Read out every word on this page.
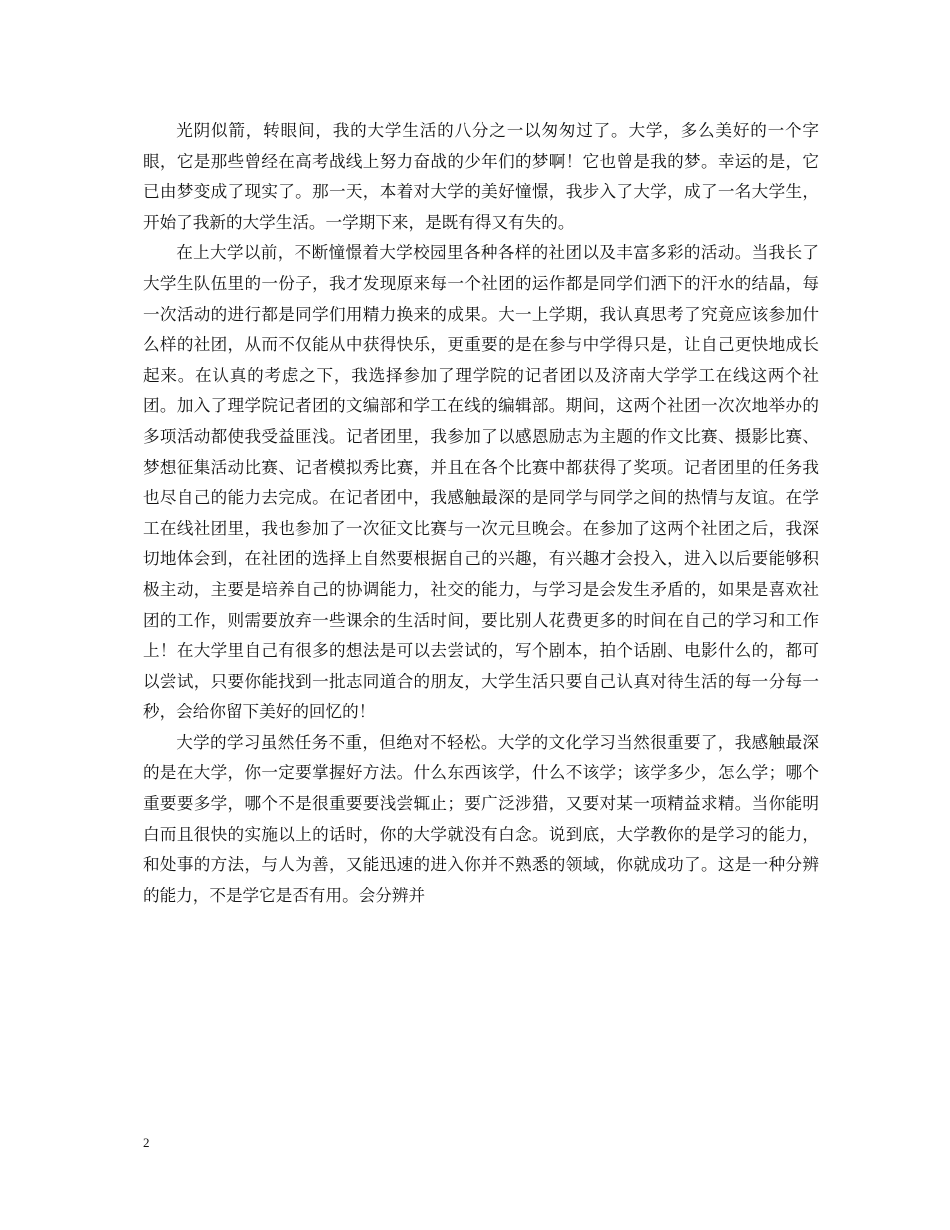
光阴似箭，转眼间，我的大学生活的八分之一以匆匆过了。大学，多么美好的一个字眼，它是那些曾经在高考战线上努力奋战的少年们的梦啊！它也曾是我的梦。幸运的是，它已由梦变成了现实了。那一天，本着对大学的美好憧憬，我步入了大学，成了一名大学生，开始了我新的大学生活。一学期下来，是既有得又有失的。

在上大学以前，不断憧憬着大学校园里各种各样的社团以及丰富多彩的活动。当我长了大学生队伍里的一份子，我才发现原来每一个社团的运作都是同学们洒下的汗水的结晶，每一次活动的进行都是同学们用精力换来的成果。大一上学期，我认真思考了究竟应该参加什么样的社团，从而不仅能从中获得快乐，更重要的是在参与中学得只是，让自己更快地成长起来。在认真的考虑之下，我选择参加了理学院的记者团以及济南大学学工在线这两个社团。加入了理学院记者团的文编部和学工在线的编辑部。期间，这两个社团一次次地举办的多项活动都使我受益匪浅。记者团里，我参加了以感恩励志为主题的作文比赛、摄影比赛、梦想征集活动比赛、记者模拟秀比赛，并且在各个比赛中都获得了奖项。记者团里的任务我也尽自己的能力去完成。在记者团中，我感触最深的是同学与同学之间的热情与友谊。在学工在线社团里，我也参加了一次征文比赛与一次元旦晚会。在参加了这两个社团之后，我深切地体会到，在社团的选择上自然要根据自己的兴趣，有兴趣才会投入，进入以后要能够积极主动，主要是培养自己的协调能力，社交的能力，与学习是会发生矛盾的，如果是喜欢社团的工作，则需要放弃一些课余的生活时间，要比别人花费更多的时间在自己的学习和工作上！在大学里自己有很多的想法是可以去尝试的，写个剧本，拍个话剧、电影什么的，都可以尝试，只要你能找到一批志同道合的朋友，大学生活只要自己认真对待生活的每一分每一秒，会给你留下美好的回忆的！

大学的学习虽然任务不重，但绝对不轻松。大学的文化学习当然很重要了，我感触最深的是在大学，你一定要掌握好方法。什么东西该学，什么不该学；该学多少，怎么学；哪个重要要多学，哪个不是很重要要浅尝辄止；要广泛涉猎，又要对某一项精益求精。当你能明白而且很快的实施以上的话时，你的大学就没有白念。说到底，大学教你的是学习的能力，和处事的方法，与人为善，又能迅速的进入你并不熟悉的领域，你就成功了。这是一种分辨的能力，不是学它是否有用。会分辨并

2
